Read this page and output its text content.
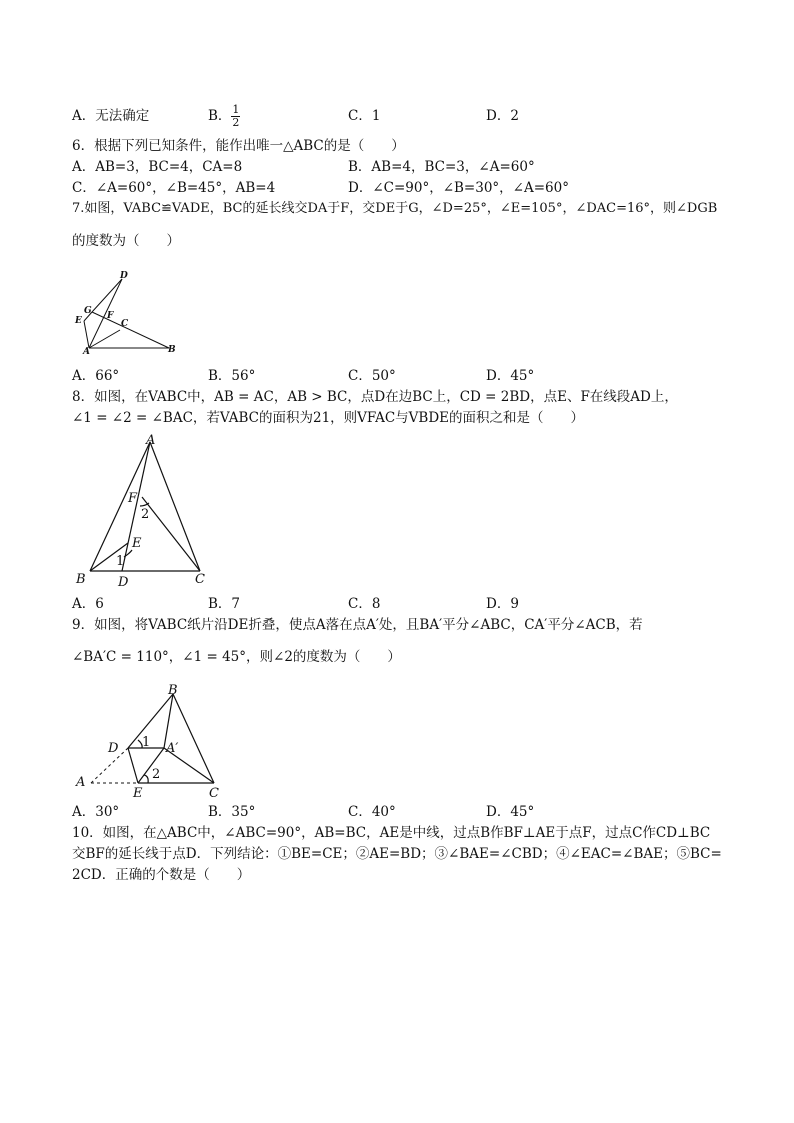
A．无法确定	B． $\frac{1}{2}$	C．1	D．2
6．根据下列已知条件，能作出唯一△ABC的是（　　）
A．AB=3，BC=4，CA=8	B．AB=4，BC=3，∠A=60°
C．∠A=60°，∠B=45°，AB=4	D．∠C=90°，∠B=30°，∠A=60°
7.如图，VABC≌VADE，BC的延长线交DA于F，交DE于G，∠D=25°，∠E=105°，∠DAC=16°，则∠DGB
的度数为（　　）
D
G
E	F
C
A	B
A．66°	B．56°	C．50°	D．45°
8．如图，在VABC中，AB = AC，AB > BC，点D在边BC上，CD = 2BD，点E、F在线段AD上，
∠1 = ∠2 = ∠BAC，若VABC的面积为21，则VFAC与VBDE的面积之和是（　　）
A
F
2
E
1
B D	C
A．6	B．7	C．8	D．9
9．如图，将VABC纸片沿DE折叠，使点A落在点A′处，且BA′平分∠ABC，CA′平分∠ACB，若
∠BA′C = 110°，∠1 = 45°，则∠2的度数为（　　）
B
D 1 A′
A
2
E	C
A．30°	B．35°	C．40°	D．45°
10．如图，在△ABC中，∠ABC=90°，AB=BC，AE是中线，过点B作BF⊥AE于点F，过点C作CD⊥BC
交BF的延长线于点D．下列结论：①BE=CE；②AE=BD；③∠BAE=∠CBD；④∠EAC=∠BAE；⑤BC=
2CD．正确的个数是（　　）
